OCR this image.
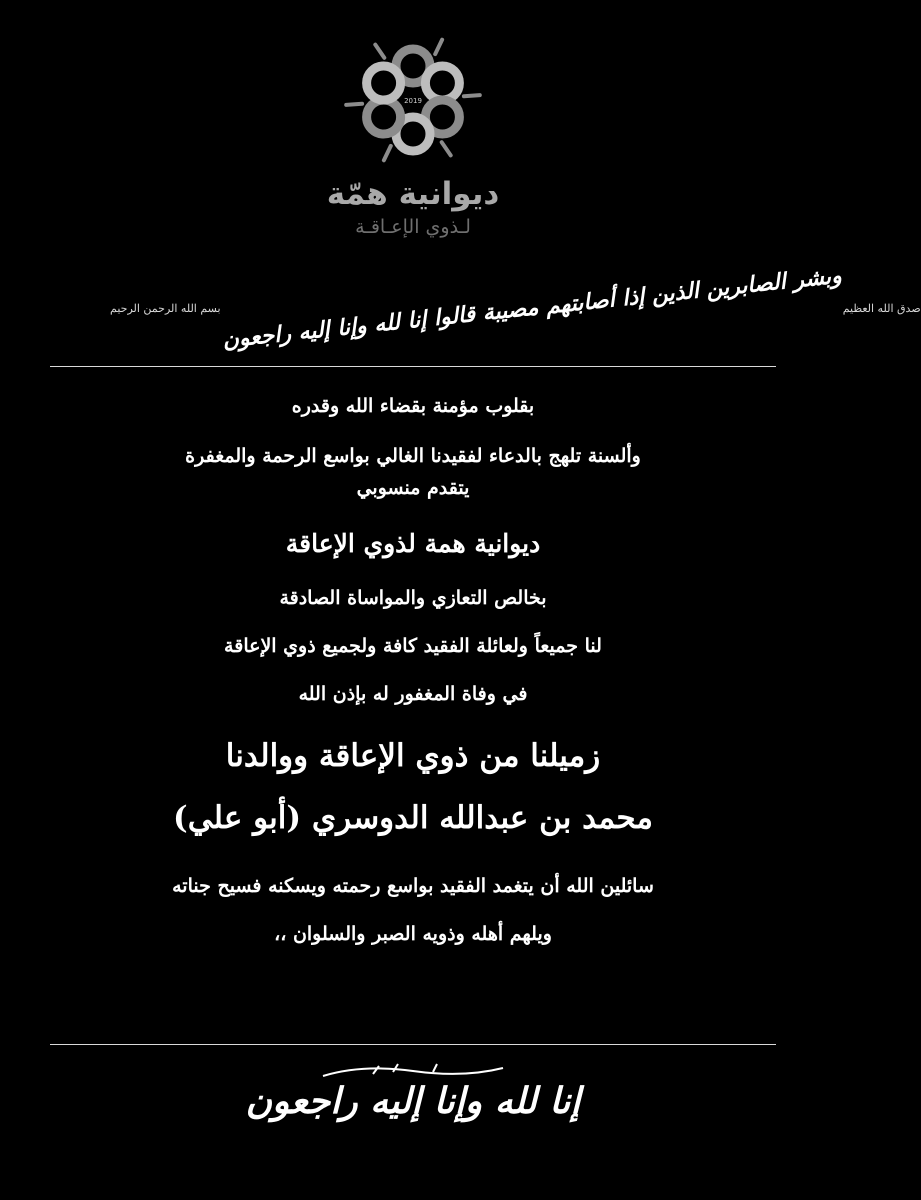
2019
ديوانية همّة
لـذوي الإعـاقـة
بسم الله الرحمن الرحيم وبشر الصابرين الذين إذا أصابتهم مصيبة قالوا إنا لله وإنا إليه راجعون صدق الله العظيم
بقلوب مؤمنة بقضاء الله وقدره
وألسنة تلهج بالدعاء لفقيدنا الغالي بواسع الرحمة والمغفرة
يتقدم منسوبي
ديوانية همة لذوي الإعاقة
بخالص التعازي والمواساة الصادقة
لنا جميعاً ولعائلة الفقيد كافة ولجميع ذوي الإعاقة
في وفاة المغفور له بإذن الله
زميلنا من ذوي الإعاقة ووالدنا
محمد بن عبدالله الدوسري (أبو علي)
سائلين الله أن يتغمد الفقيد بواسع رحمته ويسكنه فسيح جناته
ويلهم أهله وذويه الصبر والسلوان ،،
إنا لله وإنا إليه راجعون
